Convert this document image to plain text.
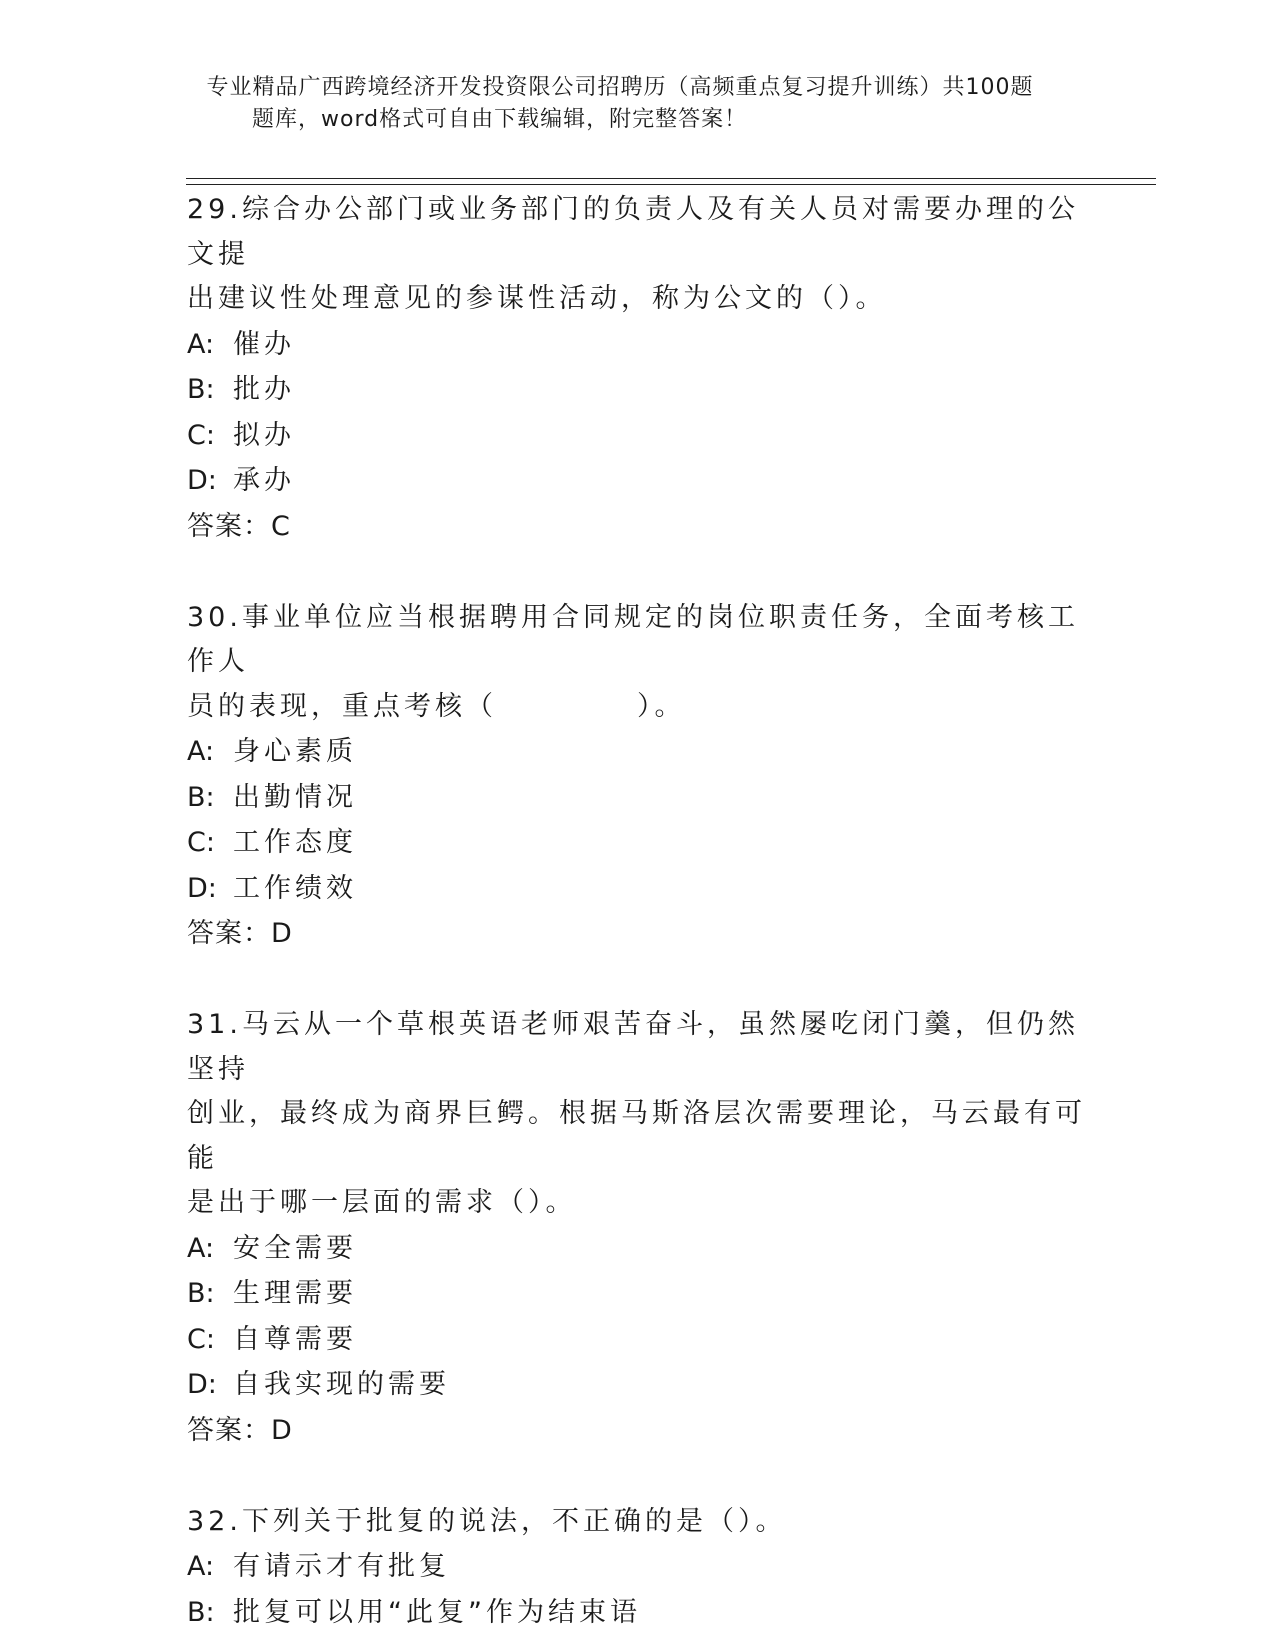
专业精品广西跨境经济开发投资限公司招聘历（高频重点复习提升训练）共100题
题库，word格式可自由下载编辑，附完整答案！

29.综合办公部门或业务部门的负责人及有关人员对需要办理的公文提
出建议性处理意见的参谋性活动，称为公文的（）。

A: 催办

B: 批办

C: 拟办

D: 承办

答案：C

30.事业单位应当根据聘用合同规定的岗位职责任务，全面考核工作人
员的表现，重点考核（	）。

A: 身心素质

B: 出勤情况

C: 工作态度

D: 工作绩效

答案：D

31.马云从一个草根英语老师艰苦奋斗，虽然屡吃闭门羹，但仍然坚持
创业，最终成为商界巨鳄。根据马斯洛层次需要理论，马云最有可能
是出于哪一层面的需求（）。

A: 安全需要

B: 生理需要

C: 自尊需要

D: 自我实现的需要

答案：D

32.下列关于批复的说法，不正确的是（）。

A: 有请示才有批复

B: 批复可以用“此复”作为结束语
